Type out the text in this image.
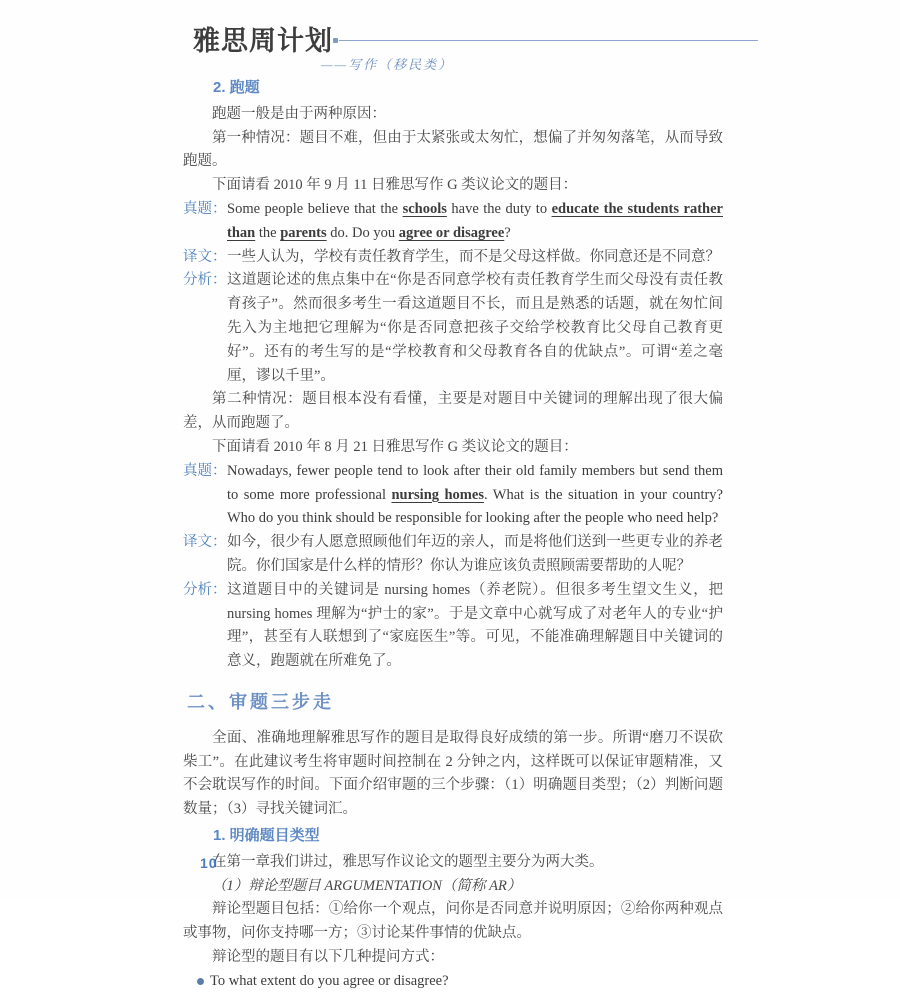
雅思周计划
——写作（移民类）
2. 跑题

跑题一般是由于两种原因：

第一种情况：题目不难，但由于太紧张或太匆忙，想偏了并匆匆落笔，从而导致跑题。

下面请看 2010 年 9 月 11 日雅思写作 G 类议论文的题目：

真题： Some people believe that the schools have the duty to educate the students rather than the parents do. Do you agree or disagree?
译文： 一些人认为，学校有责任教育学生，而不是父母这样做。你同意还是不同意？
分析： 这道题论述的焦点集中在“你是否同意学校有责任教育学生而父母没有责任教育孩子”。然而很多考生一看这道题目不长，而且是熟悉的话题，就在匆忙间先入为主地把它理解为“你是否同意把孩子交给学校教育比父母自己教育更好”。还有的考生写的是“学校教育和父母教育各自的优缺点”。可谓“差之毫厘，谬以千里”。

第二种情况：题目根本没有看懂，主要是对题目中关键词的理解出现了很大偏差，从而跑题了。

下面请看 2010 年 8 月 21 日雅思写作 G 类议论文的题目：

真题： Nowadays, fewer people tend to look after their old family members but send them to some more professional nursing homes. What is the situation in your country? Who do you think should be responsible for looking after the people who need help?
译文： 如今，很少有人愿意照顾他们年迈的亲人，而是将他们送到一些更专业的养老院。你们国家是什么样的情形？你认为谁应该负责照顾需要帮助的人呢？
分析： 这道题目中的关键词是 nursing homes（养老院）。但很多考生望文生义，把 nursing homes 理解为“护士的家”。于是文章中心就写成了对老年人的专业“护理”，甚至有人联想到了“家庭医生”等。可见，不能准确理解题目中关键词的意义，跑题就在所难免了。
二、审题三步走

全面、准确地理解雅思写作的题目是取得良好成绩的第一步。所谓“磨刀不误砍柴工”。在此建议考生将审题时间控制在 2 分钟之内，这样既可以保证审题精准，又不会耽误写作的时间。下面介绍审题的三个步骤：（1）明确题目类型；（2）判断问题数量；（3）寻找关键词汇。

1. 明确题目类型

在第一章我们讲过，雅思写作议论文的题型主要分为两大类。

（1）辩论型题目 ARGUMENTATION（简称 AR）

辩论型题目包括：①给你一个观点，问你是否同意并说明原因；②给你两种观点或事物，问你支持哪一方；③讨论某件事情的优缺点。

辩论型的题目有以下几种提问方式：

To what extent do you agree or disagree?
10
